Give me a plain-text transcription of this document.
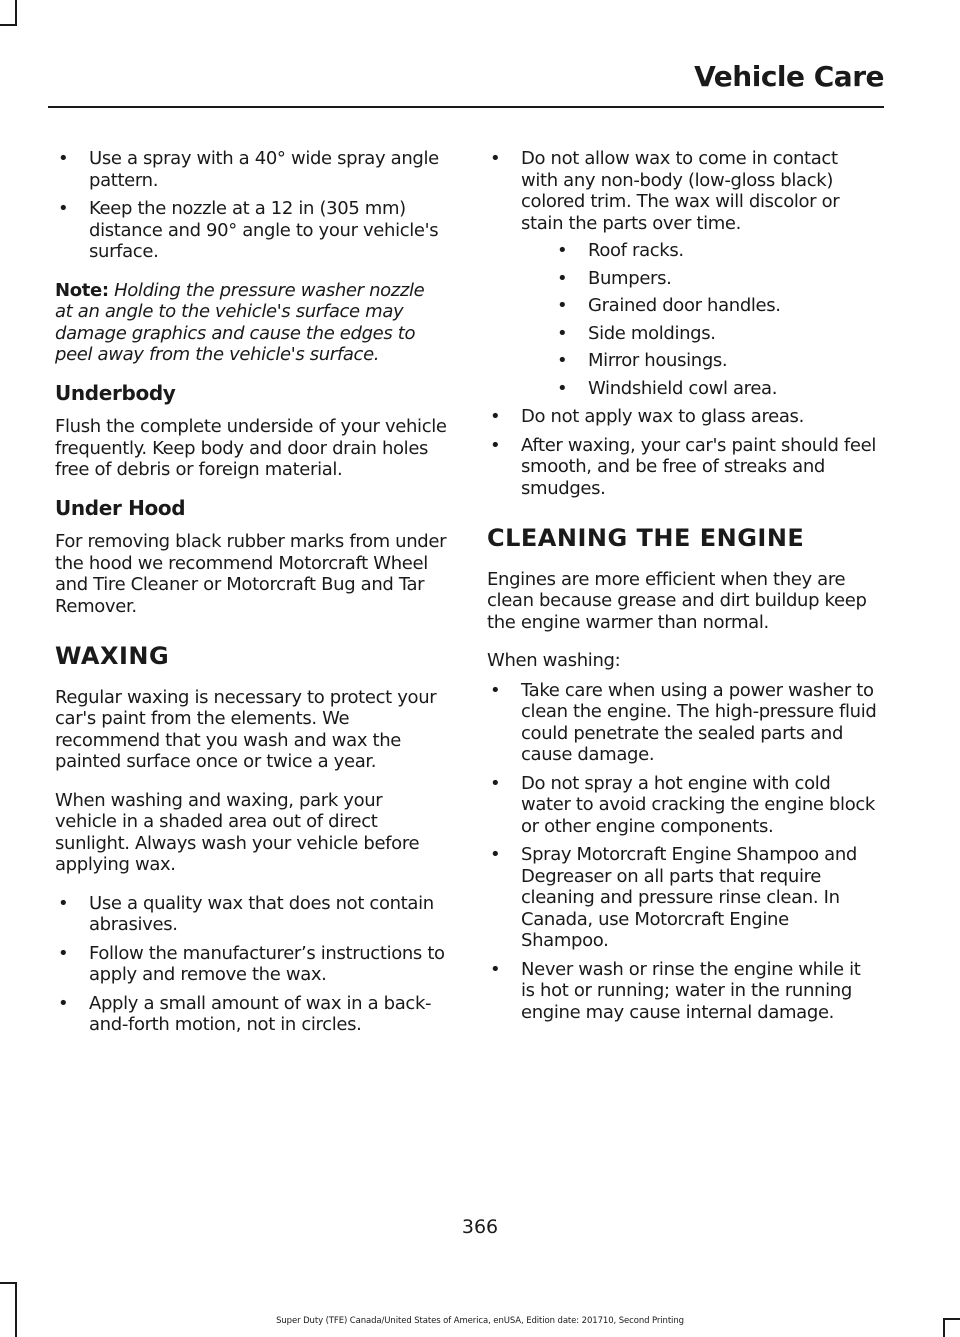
Vehicle Care
• Use a spray with a 40° wide spray angle pattern.
• Keep the nozzle at a 12 in (305 mm) distance and 90° angle to your vehicle's surface.

Note: Holding the pressure washer nozzle at an angle to the vehicle's surface may damage graphics and cause the edges to peel away from the vehicle's surface.

Underbody

Flush the complete underside of your vehicle frequently. Keep body and door drain holes free of debris or foreign material.

Under Hood

For removing black rubber marks from under the hood we recommend Motorcraft Wheel and Tire Cleaner or Motorcraft Bug and Tar Remover.

WAXING

Regular waxing is necessary to protect your car's paint from the elements. We recommend that you wash and wax the painted surface once or twice a year.

When washing and waxing, park your vehicle in a shaded area out of direct sunlight. Always wash your vehicle before applying wax.

• Use a quality wax that does not contain abrasives.
• Follow the manufacturer’s instructions to apply and remove the wax.
• Apply a small amount of wax in a back-and-forth motion, not in circles.
• Do not allow wax to come in contact with any non-body (low-gloss black) colored trim. The wax will discolor or stain the parts over time.
• Roof racks.
• Bumpers.
• Grained door handles.
• Side moldings.
• Mirror housings.
• Windshield cowl area.
• Do not apply wax to glass areas.
• After waxing, your car's paint should feel smooth, and be free of streaks and smudges.
CLEANING THE ENGINE

Engines are more efficient when they are clean because grease and dirt buildup keep the engine warmer than normal.

When washing:

• Take care when using a power washer to clean the engine. The high-pressure fluid could penetrate the sealed parts and cause damage.
• Do not spray a hot engine with cold water to avoid cracking the engine block or other engine components.
• Spray Motorcraft Engine Shampoo and Degreaser on all parts that require cleaning and pressure rinse clean. In Canada, use Motorcraft Engine Shampoo.
• Never wash or rinse the engine while it is hot or running; water in the running engine may cause internal damage.
366
Super Duty (TFE) Canada/United States of America, enUSA, Edition date: 201710, Second Printing
